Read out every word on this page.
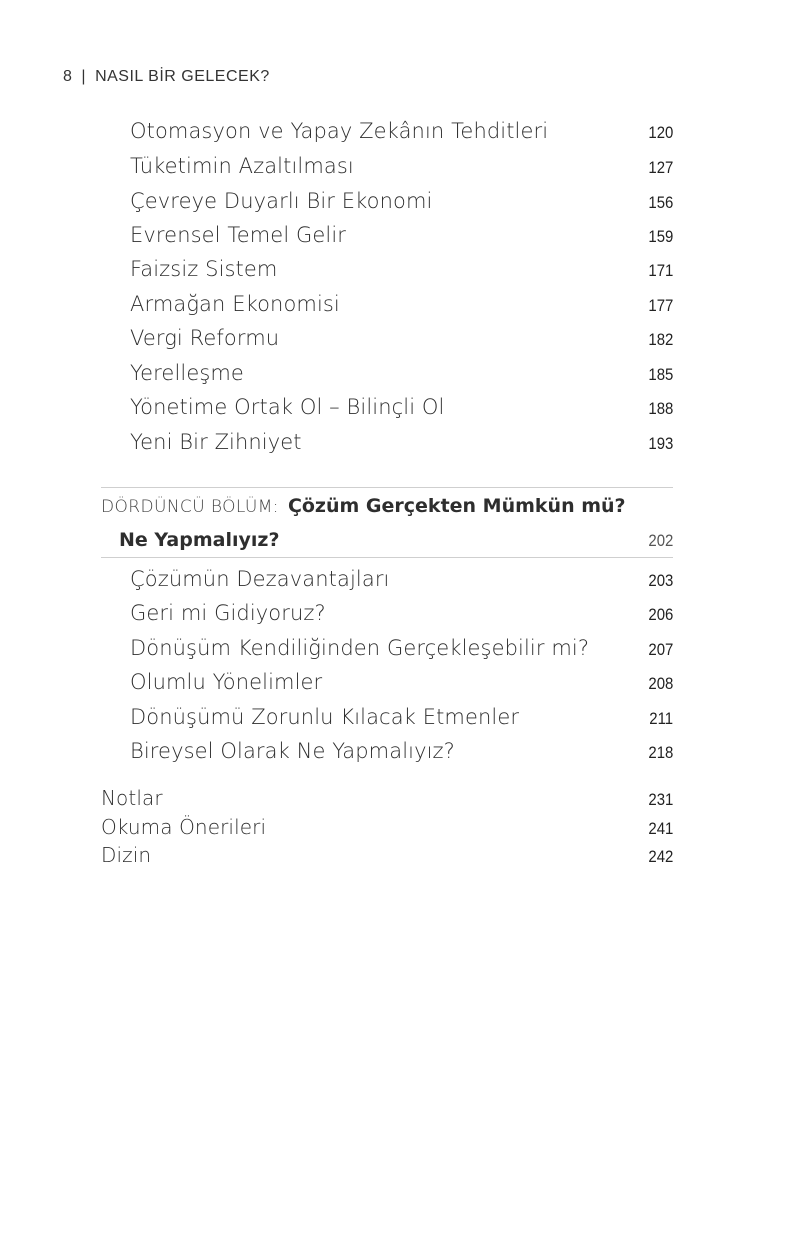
8 | NASIL BİR GELECEK?
Otomasyon ve Yapay Zekânın Tehditleri	120
Tüketimin Azaltılması	127
Çevreye Duyarlı Bir Ekonomi	156
Evrensel Temel Gelir	159
Faizsiz Sistem	171
Armağan Ekonomisi	177
Vergi Reformu	182
Yerelleşme	185
Yönetime Ortak Ol – Bilinçli Ol	188
Yeni Bir Zihniyet	193
DÖRDÜNCÜ BÖLÜM: Çözüm Gerçekten Mümkün mü?
Ne Yapmalıyız?	202
Çözümün Dezavantajları	203
Geri mi Gidiyoruz?	206
Dönüşüm Kendiliğinden Gerçekleşebilir mi?	207
Olumlu Yönelimler	208
Dönüşümü Zorunlu Kılacak Etmenler	211
Bireysel Olarak Ne Yapmalıyız?	218
Notlar	231
Okuma Önerileri	241
Dizin	242
